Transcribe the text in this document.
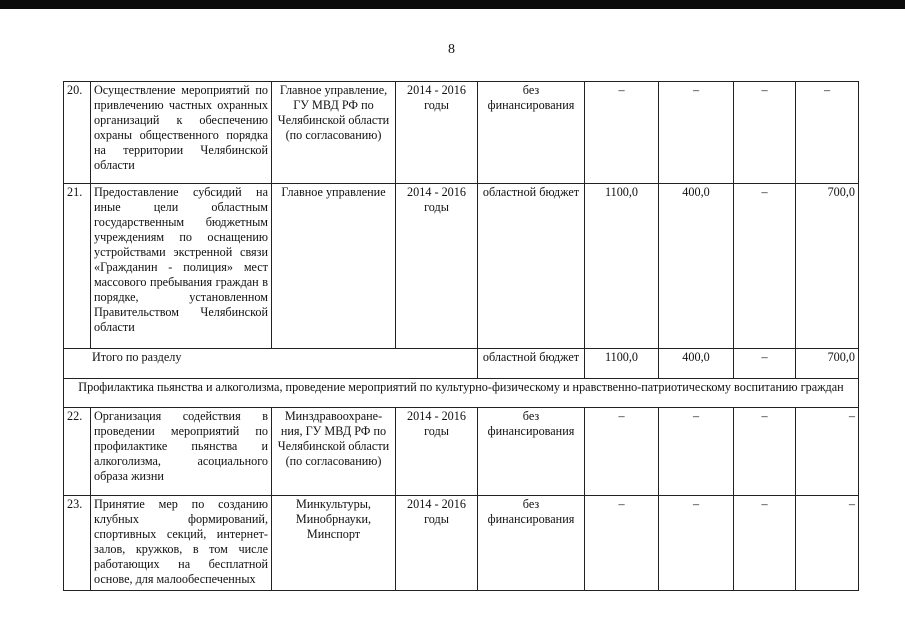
8
20.	Осуществление мероприятий по привлечению частных охранных организаций к обеспечению охраны общественного порядка на территории Челябинской области	Главное управление, ГУ МВД РФ по Челябинской области (по согласованию)	2014 - 2016 годы	без финансирования	–	–	–	–
21.	Предоставление субсидий на иные цели областным государственным бюджетным учреждениям по оснащению устройствами экстренной связи «Гражданин - полиция» мест массового пребывания граждан в порядке, установленном Правительством Челябинской области	Главное управление	2014 - 2016 годы	областной бюджет	1100,0	400,0	–	700,0
Итого по разделу				областной бюджет	1100,0	400,0	–	700,0
Профилактика пьянства и алкоголизма, проведение мероприятий по культурно-физическому и нравственно-патриотическому воспитанию граждан								
22.	Организация содействия в проведении мероприятий по профилактике пьянства и алкоголизма, асоциального образа жизни	Минздравоохране- ния, ГУ МВД РФ по Челябинской области (по согласованию)	2014 - 2016 годы	без финансирования	–	–	–	–
23.	Принятие мер по созданию клубных формирований, спортивных секций, интернет-залов, кружков, в том числе работающих на бесплатной основе, для малообеспеченных	Минкультуры, Минобрнауки, Минспорт	2014 - 2016 годы	без финансирования	–	–	–	–
